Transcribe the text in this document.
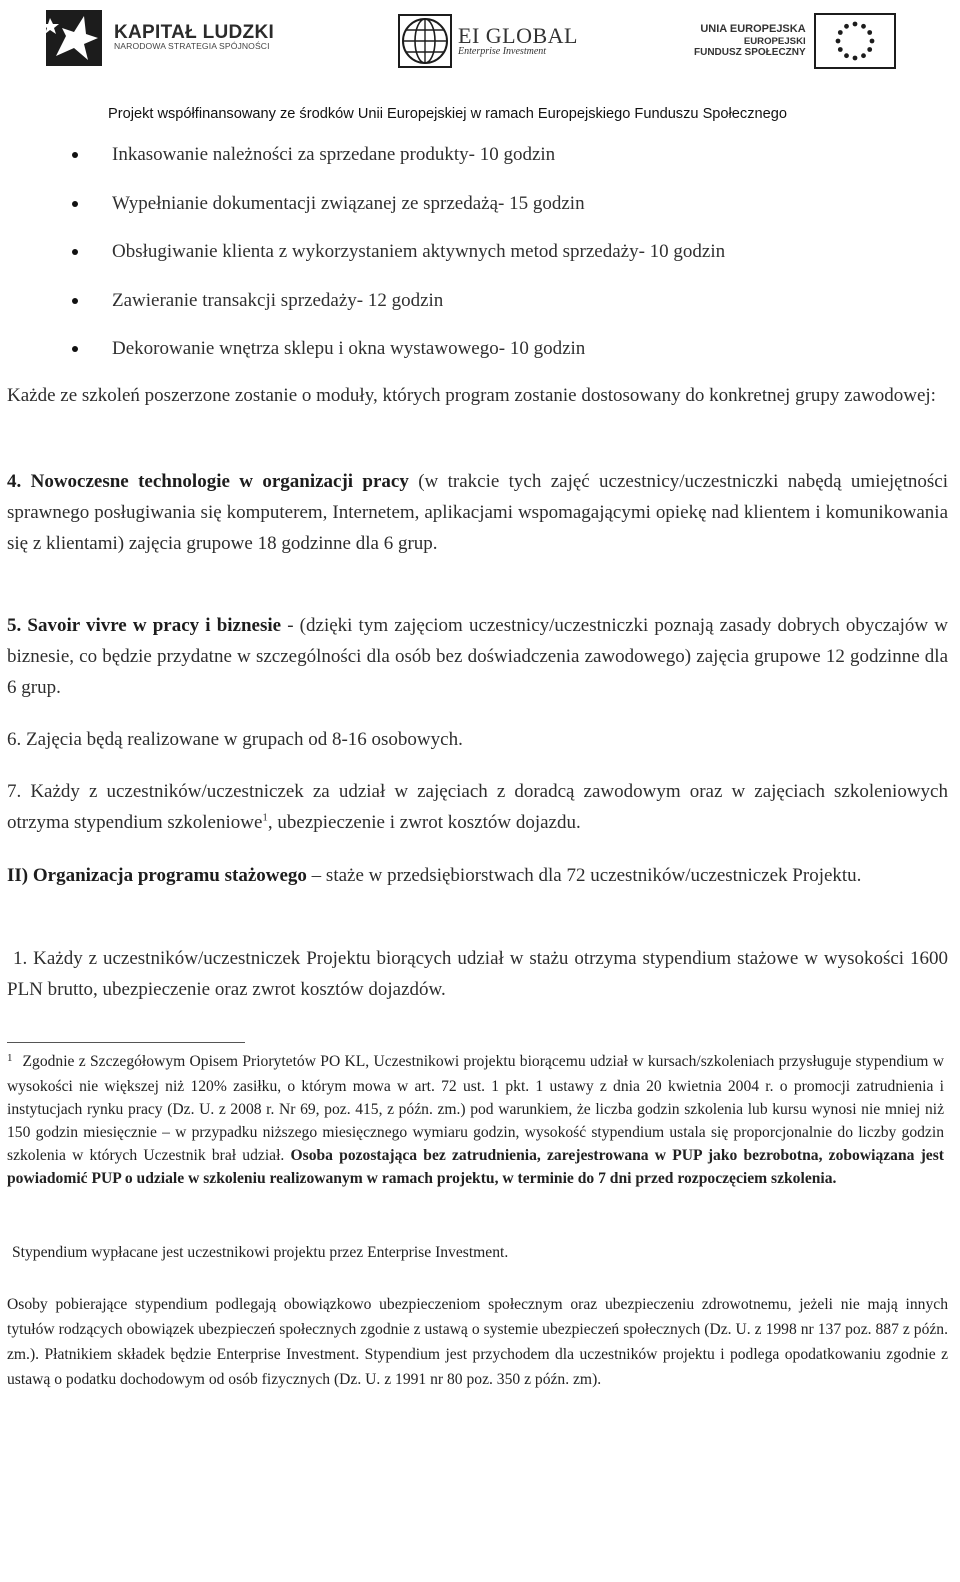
KAPITAŁ LUDZKI
NARODOWA STRATEGIA SPÓJNOŚCI	EI GLOBAL
Enterprise Investment
UNIA EUROPEJSKA
EUROPEJSKI
FUNDUSZ SPOŁECZNY
Projekt współfinansowany ze środków Unii Europejskiej w ramach Europejskiego Funduszu Społecznego
Inkasowanie należności za sprzedane produkty- 10 godzin
Wypełnianie dokumentacji związanej ze sprzedażą- 15 godzin
Obsługiwanie klienta z wykorzystaniem aktywnych metod sprzedaży- 10 godzin
Zawieranie transakcji sprzedaży- 12 godzin
Dekorowanie wnętrza sklepu i okna wystawowego- 10 godzin
Każde ze szkoleń poszerzone zostanie o moduły, których program zostanie dostosowany do konkretnej grupy zawodowej:
4. Nowoczesne technologie w organizacji pracy (w trakcie tych zajęć uczestnicy/uczestniczki nabędą umiejętności sprawnego posługiwania się komputerem, Internetem, aplikacjami wspomagającymi opiekę nad klientem i komunikowania się z klientami) zajęcia grupowe 18 godzinne dla 6 grup.
5. Savoir vivre w pracy i biznesie - (dzięki tym zajęciom uczestnicy/uczestniczki poznają zasady dobrych obyczajów w biznesie, co będzie przydatne w szczególności dla osób bez doświadczenia zawodowego) zajęcia grupowe 12 godzinne dla 6 grup.
6. Zajęcia będą realizowane w grupach od 8-16 osobowych.
7. Każdy z uczestników/uczestniczek za udział w zajęciach z doradcą zawodowym oraz w zajęciach szkoleniowych otrzyma stypendium szkoleniowe$^1$, ubezpieczenie i zwrot kosztów dojazdu.
II) Organizacja programu stażowego – staże w przedsiębiorstwach dla 72 uczestników/uczestniczek Projektu.
1. Każdy z uczestników/uczestniczek Projektu biorących udział w stażu otrzyma stypendium stażowe w wysokości 1600 PLN brutto, ubezpieczenie oraz zwrot kosztów dojazdów.
$^1$ Zgodnie z Szczegółowym Opisem Priorytetów PO KL, Uczestnikowi projektu biorącemu udział w kursach/szkoleniach przysługuje stypendium w wysokości nie większej niż 120% zasiłku, o którym mowa w art. 72 ust. 1 pkt. 1 ustawy z dnia 20 kwietnia 2004 r. o promocji zatrudnienia i instytucjach rynku pracy (Dz. U. z 2008 r. Nr 69, poz. 415, z późn. zm.) pod warunkiem, że liczba godzin szkolenia lub kursu wynosi nie mniej niż 150 godzin miesięcznie – w przypadku niższego miesięcznego wymiaru godzin, wysokość stypendium ustala się proporcjonalnie do liczby godzin szkolenia w których Uczestnik brał udział. Osoba pozostająca bez zatrudnienia, zarejestrowana w PUP jako bezrobotna, zobowiązana jest powiadomić PUP o udziale w szkoleniu realizowanym w ramach projektu, w terminie do 7 dni przed rozpoczęciem szkolenia.
Stypendium wypłacane jest uczestnikowi projektu przez Enterprise Investment.
Osoby pobierające stypendium podlegają obowiązkowo ubezpieczeniom społecznym oraz ubezpieczeniu zdrowotnemu, jeżeli nie mają innych tytułów rodzących obowiązek ubezpieczeń społecznych zgodnie z ustawą o systemie ubezpieczeń społecznych (Dz. U. z 1998 nr 137 poz. 887 z późn. zm.). Płatnikiem składek będzie Enterprise Investment. Stypendium jest przychodem dla uczestników projektu i podlega opodatkowaniu zgodnie z ustawą o podatku dochodowym od osób fizycznych (Dz. U. z 1991 nr 80 poz. 350 z późn. zm).
